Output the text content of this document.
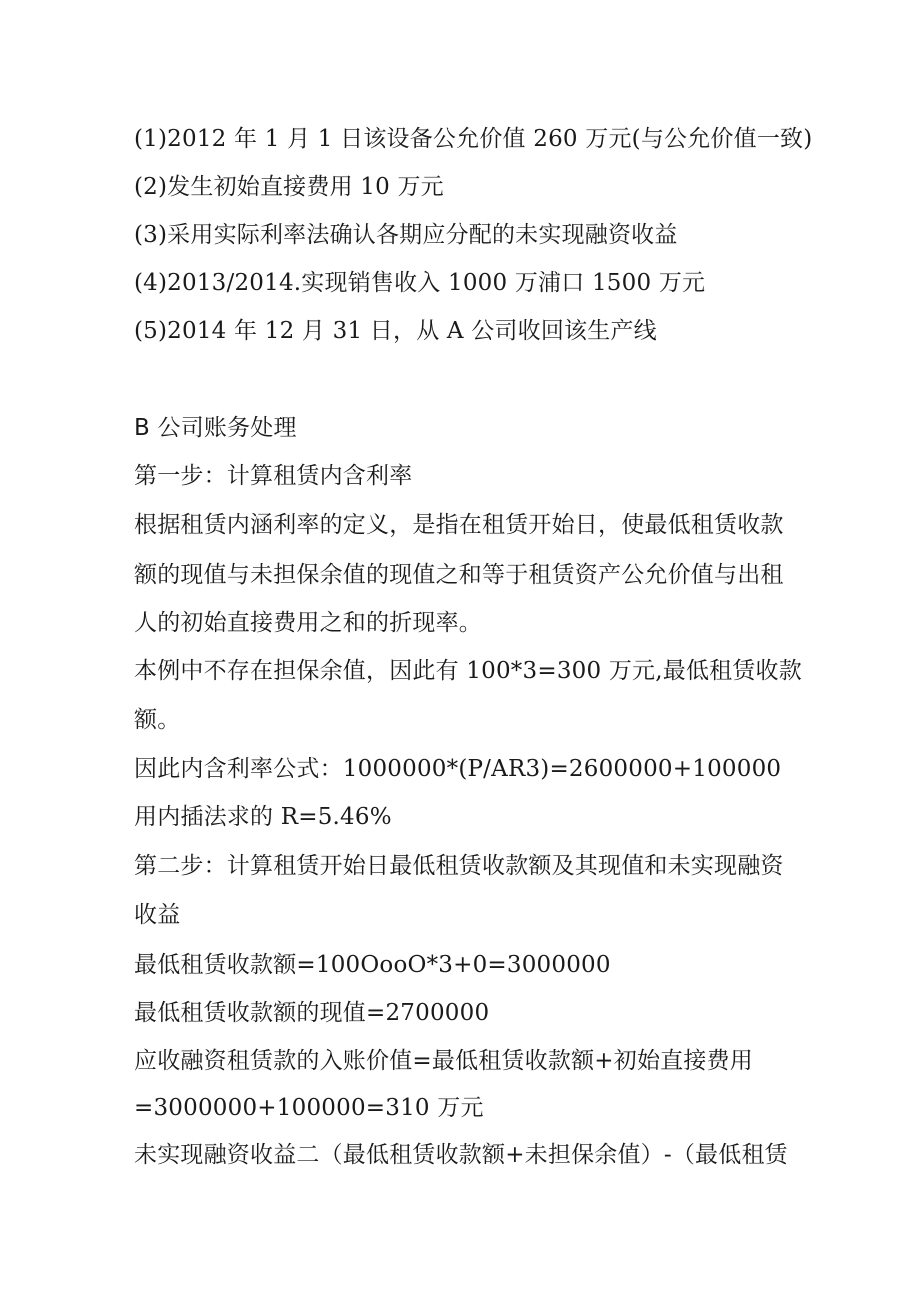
(1)2012 年 1 月 1 日该设备公允价值 260 万元(与公允价值一致)
(2)发生初始直接费用 10 万元
(3)采用实际利率法确认各期应分配的未实现融资收益
(4)2013/2014.实现销售收入 1000 万浦口 1500 万元
(5)2014 年 12 月 31 日，从 A 公司收回该生产线
B 公司账务处理
第一步：计算租赁内含利率
根据租赁内涵利率的定义，是指在租赁开始日，使最低租赁收款
额的现值与未担保余值的现值之和等于租赁资产公允价值与出租
人的初始直接费用之和的折现率。
本例中不存在担保余值，因此有 100*3=300 万元,最低租赁收款
额。
因此内含利率公式：1000000*(P/AR3)=2600000+100000
用内插法求的 R=5.46%
第二步：计算租赁开始日最低租赁收款额及其现值和未实现融资
收益
最低租赁收款额=100OooO*3+0=3000000
最低租赁收款额的现值=2700000
应收融资租赁款的入账价值=最低租赁收款额+初始直接费用
=3000000+100000=310 万元
未实现融资收益二（最低租赁收款额+未担保余值）-（最低租赁
